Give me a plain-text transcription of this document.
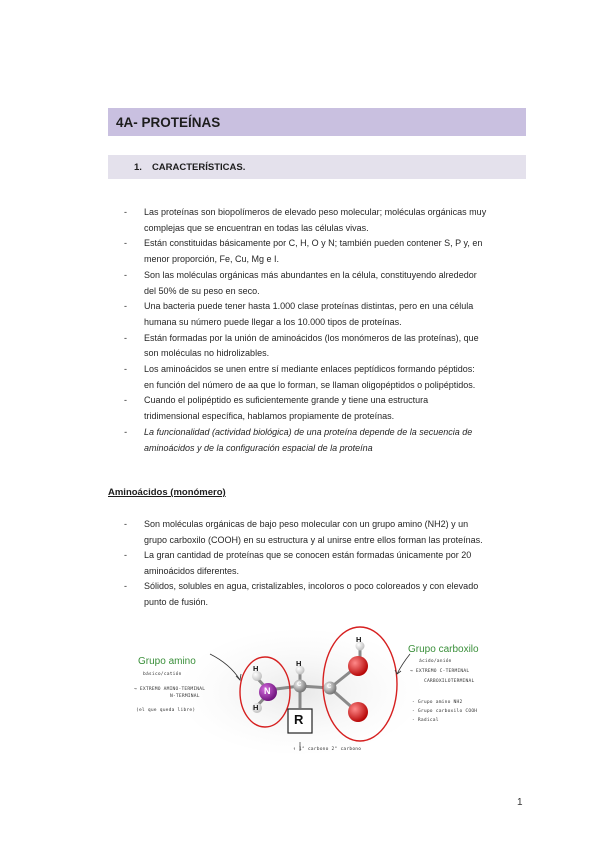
4A- PROTEÍNAS
1. CARACTERÍSTICAS.
- Las proteínas son biopolímeros de elevado peso molecular; moléculas orgánicas muy
complejas que se encuentran en todas las células vivas.
- Están constituidas básicamente por C, H, O y N; también pueden contener S, P y, en
menor proporción, Fe, Cu, Mg e I.
- Son las moléculas orgánicas más abundantes en la célula, constituyendo alrededor
del 50% de su peso en seco.
- Una bacteria puede tener hasta 1.000 clase proteínas distintas, pero en una célula
humana su número puede llegar a los 10.000 tipos de proteínas.
- Están formadas por la unión de aminoácidos (los monómeros de las proteínas), que
son moléculas no hidrolizables.
- Los aminoácidos se unen entre sí mediante enlaces peptídicos formando péptidos:
en función del número de aa que lo forman, se llaman oligopéptidos o polipéptidos.
- Cuando el polipéptido es suficientemente grande y tiene una estructura
tridimensional específica, hablamos propiamente de proteínas.
- La funcionalidad (actividad biológica) de una proteína depende de la secuencia de
aminoácidos y de la configuración espacial de la proteína
Aminoácidos (monómero)
- Son moléculas orgánicas de bajo peso molecular con un grupo amino (NH2) y un
grupo carboxilo (COOH) en su estructura y al unirse entre ellos forman las proteínas.
- La gran cantidad de proteínas que se conocen están formadas únicamente por 20
aminoácidos diferentes.
- Sólidos, solubles en agua, cristalizables, incoloros o poco coloreados y con elevado
punto de fusión.
N
H
H
H
H
C	C
R
Grupo amino
Grupo carboxilo
básico/catión
→ EXTREMO AMINO-TERMINAL
N-TERMINAL
(el que queda libre)
ácido/anión
→ EXTREMO C-TERMINAL
CARBOXILOTERMINAL
- Grupo amino NH2
- Grupo carboxilo COOH
- Radical
↑ 1° carbono 2° carbono
1
